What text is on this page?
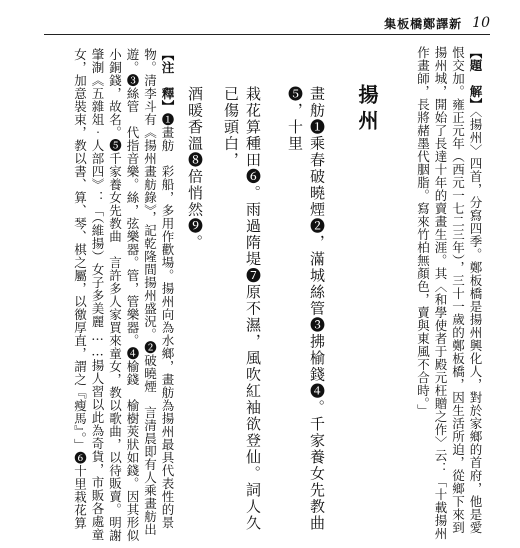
集板橋鄭譯新 10
【題　解】〈揚州〉四首，分寫四季。鄭板橋是揚州興化人，對於家鄉的首府，他是愛恨交加。雍正元年（西元一七二三年），三十一歲的鄭板橋，因生活所迫，從鄉下來到揚州城，開始了長達十年的賣畫生涯。其〈和學使者于殿元枉贈之作〉云：「十載揚州作畫師，長將赭墨代胭脂。寫來竹柏無顏色，賣與東風不合時。」
揚州
畫舫❶乘春破曉煙❷，滿城絲管❸拂榆錢❹。千家養女先教曲❺，十里
栽花算種田❻。雨過隋堤❼原不濕，風吹紅袖欲登仙。詞人久已傷頭白，
酒暖香溫❽倍悄然❾。
【注　釋】❶畫舫　彩船，多用作歡場。揚州向為水鄉，畫舫為揚州最具代表性的景物。清李斗有《揚州畫舫錄》，記乾隆間揚州盛況。❷破曉煙　言清晨即有人乘畫舫出遊。❸絲管　代指音樂。絲，弦樂器。管，管樂器。❹榆錢　榆樹莢狀如錢。因其形似小銅錢，故名。❺千家養女先教曲　言許多人家買來童女，教以歌曲，以待販賣。明謝肇淛《五雜俎‧人部四》：「（維揚）女子多美麗……揚人習以此為奇貨，市販各處童女，加意裝束，教以書、算、琴、棋之屬，以徼厚直，謂之『瘦馬』。」❻十里栽花算
